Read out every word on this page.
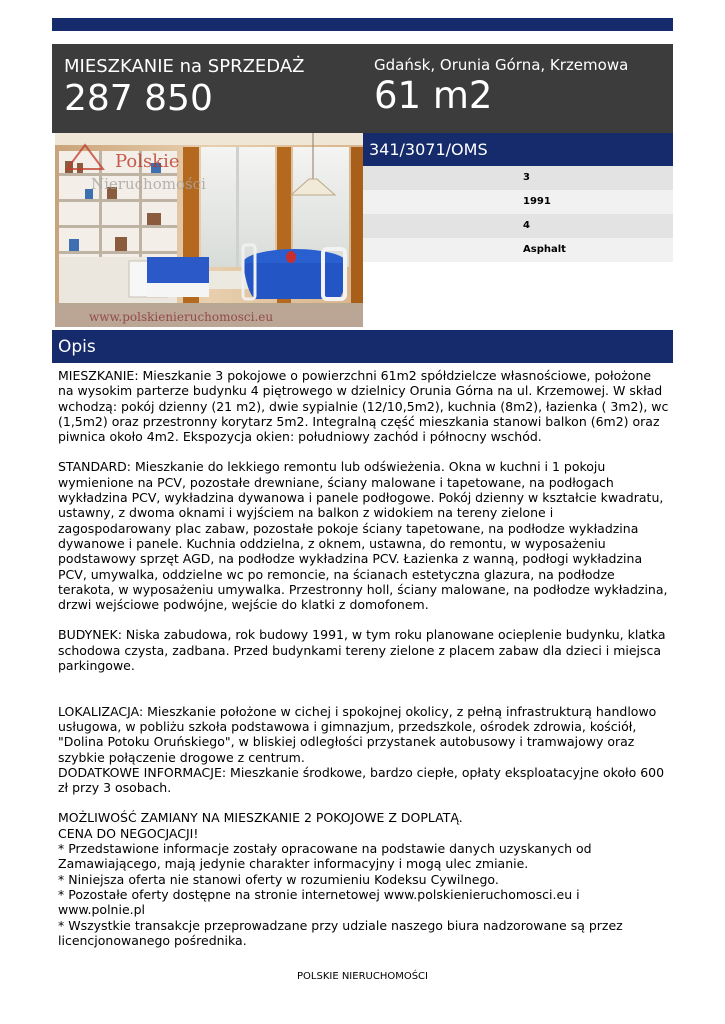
MIESZKANIE na SPRZEDAŻ
287 850
Gdańsk, Orunia Górna, Krzemowa
61 m2
Polskie
Nieruchomości
www.polskienieruchomosci.eu
341/3071/OMS
3
1991
4
Asphalt
Opis

MIESZKANIE: Mieszkanie 3 pokojowe o powierzchni 61m2 spółdzielcze własnościowe, położone na wysokim parterze budynku 4 piętrowego w dzielnicy Orunia Górna na ul. Krzemowej. W skład wchodzą: pokój dzienny (21 m2), dwie sypialnie (12/10,5m2), kuchnia (8m2), łazienka ( 3m2), wc (1,5m2) oraz przestronny korytarz 5m2. Integralną część mieszkania stanowi balkon (6m2) oraz piwnica około 4m2. Ekspozycja okien: południowy zachód i północny wschód.

STANDARD: Mieszkanie do lekkiego remontu lub odświeżenia. Okna w kuchni i 1 pokoju wymienione na PCV, pozostałe drewniane, ściany malowane i tapetowane, na podłogach wykładzina PCV, wykładzina dywanowa i panele podłogowe. Pokój dzienny w kształcie kwadratu, ustawny, z dwoma oknami i wyjściem na balkon z widokiem na tereny zielone i zagospodarowany plac zabaw, pozostałe pokoje ściany tapetowane, na podłodze wykładzina dywanowe i panele. Kuchnia oddzielna, z oknem, ustawna, do remontu, w wyposażeniu podstawowy sprzęt AGD, na podłodze wykładzina PCV. Łazienka z wanną, podłogi wykładzina PCV, umywalka, oddzielne wc po remoncie, na ścianach estetyczna glazura, na podłodze terakota, w wyposażeniu umywalka. Przestronny holl, ściany malowane, na podłodze wykładzina, drzwi wejściowe podwójne, wejście do klatki z domofonem.

BUDYNEK: Niska zabudowa, rok budowy 1991, w tym roku planowane ocieplenie budynku, klatka schodowa czysta, zadbana. Przed budynkami tereny zielone z placem zabaw dla dzieci i miejsca parkingowe.

LOKALIZACJA: Mieszkanie położone w cichej i spokojnej okolicy, z pełną infrastrukturą handlowo usługowa, w pobliżu szkoła podstawowa i gimnazjum, przedszkole, ośrodek zdrowia, kościół, "Dolina Potoku Oruńskiego", w bliskiej odległości przystanek autobusowy i tramwajowy oraz szybkie połączenie drogowe z centrum.
DODATKOWE INFORMACJE: Mieszkanie środkowe, bardzo ciepłe, opłaty eksploatacyjne około 600 zł przy 3 osobach.

MOŻLIWOŚĆ ZAMIANY NA MIESZKANIE 2 POKOJOWE Z DOPLATĄ.
CENA DO NEGOCJACJI!
* Przedstawione informacje zostały opracowane na podstawie danych uzyskanych od Zamawiającego, mają jedynie charakter informacyjny i mogą ulec zmianie.
* Niniejsza oferta nie stanowi oferty w rozumieniu Kodeksu Cywilnego.
* Pozostałe oferty dostępne na stronie internetowej www.polskienieruchomosci.eu i www.polnie.pl
* Wszystkie transakcje przeprowadzane przy udziale naszego biura nadzorowane są przez licencjonowanego pośrednika.

POLSKIE NIERUCHOMOŚCI
